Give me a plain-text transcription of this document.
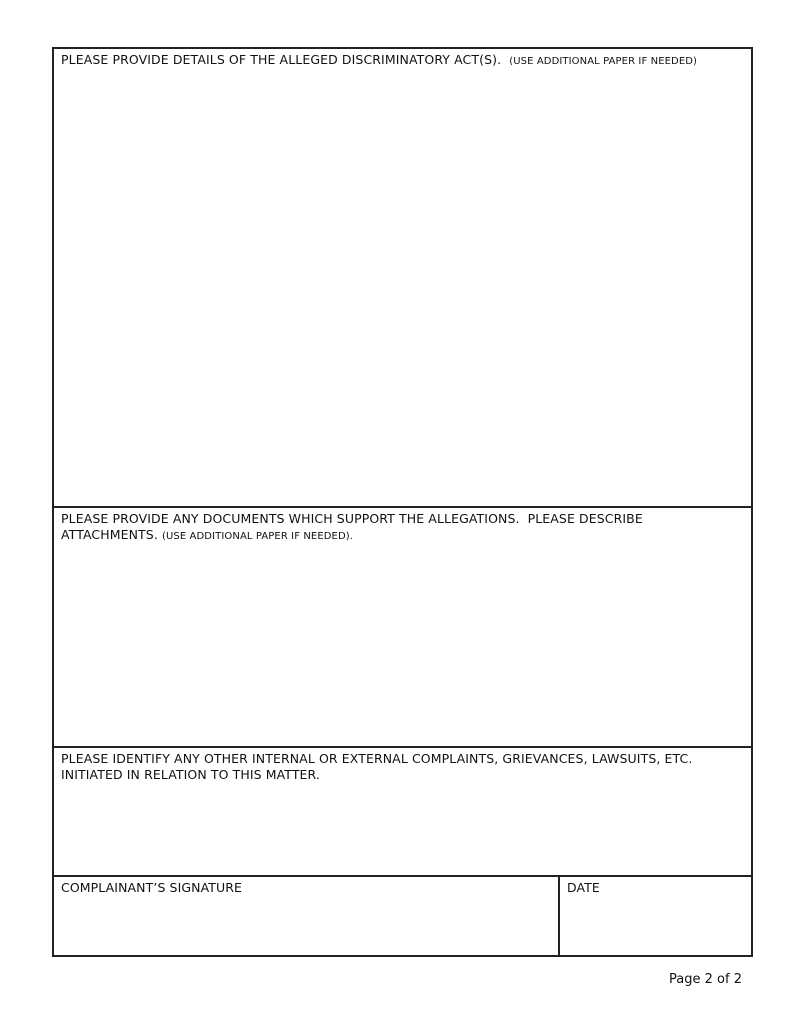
PLEASE PROVIDE DETAILS OF THE ALLEGED DISCRIMINATORY ACT(S). (USE ADDITIONAL PAPER IF NEEDED)
PLEASE PROVIDE ANY DOCUMENTS WHICH SUPPORT THE ALLEGATIONS. PLEASE DESCRIBE
ATTACHMENTS. (USE ADDITIONAL PAPER IF NEEDED).
PLEASE IDENTIFY ANY OTHER INTERNAL OR EXTERNAL COMPLAINTS, GRIEVANCES, LAWSUITS, ETC.
INITIATED IN RELATION TO THIS MATTER.
COMPLAINANT’S SIGNATURE	DATE
Page 2 of 2
